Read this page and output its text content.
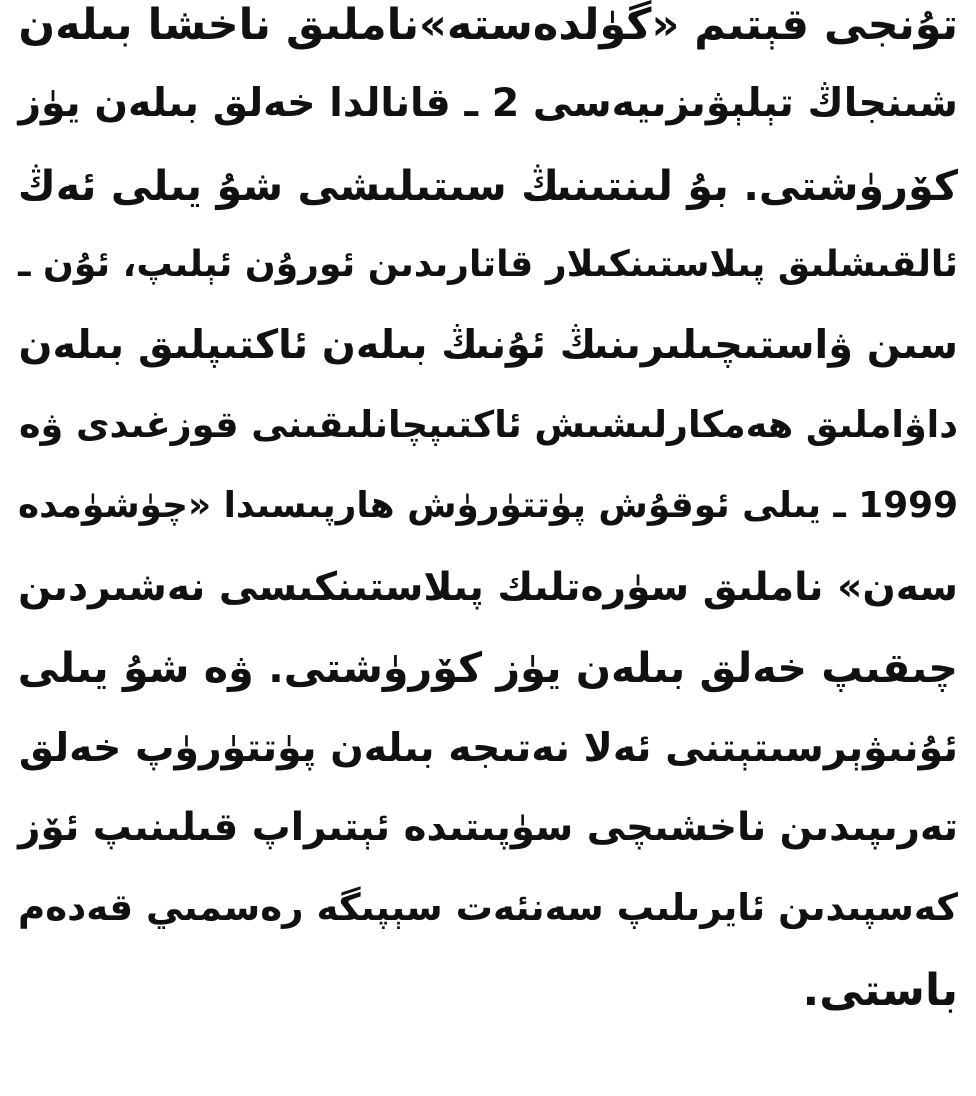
تۇنجى قېتىم «گۈلدەستە»ناملىق ناخشا بىلەن
شىنجاڭ تېلېۋىزىيەسى 2 ـ قانالدا خەلق بىلەن يۈز
كۆرۈشتى. بۇ لىنتىنىڭ سىتىلىشى شۇ يىلى ئەڭ
ئالقىشلىق پىلاستىنكىلار قاتارىدىن ئورۇن ئېلىپ، ئۇن ـ
سىن ۋاستىچىلىرىنىڭ ئۇنىڭ بىلەن ئاكتىپلىق بىلەن
داۋاملىق ھەمكارلىشىش ئاكتىپچانلىقىنى قوزغىدى ۋە
1999 ـ يىلى ئوقۇش پۈتتۈرۈش ھارپىسىدا «چۈشۈمدە
سەن» ناملىق سۈرەتلىك پىلاستىنكىسى نەشىردىن
چىقىپ خەلق بىلەن يۈز كۆرۈشتى. ۋە شۇ يىلى
ئۇنىۋېرسىتېتنى ئەلا نەتىجە بىلەن پۈتتۈرۈپ خەلق
تەرىپىدىن ناخشىچى سۈپىتىدە ئېتىراپ قىلىنىپ ئۆز
كەسپىدىن ئايرىلىپ سەنئەت سېپىگە رەسمىي قەدەم
باستى.
